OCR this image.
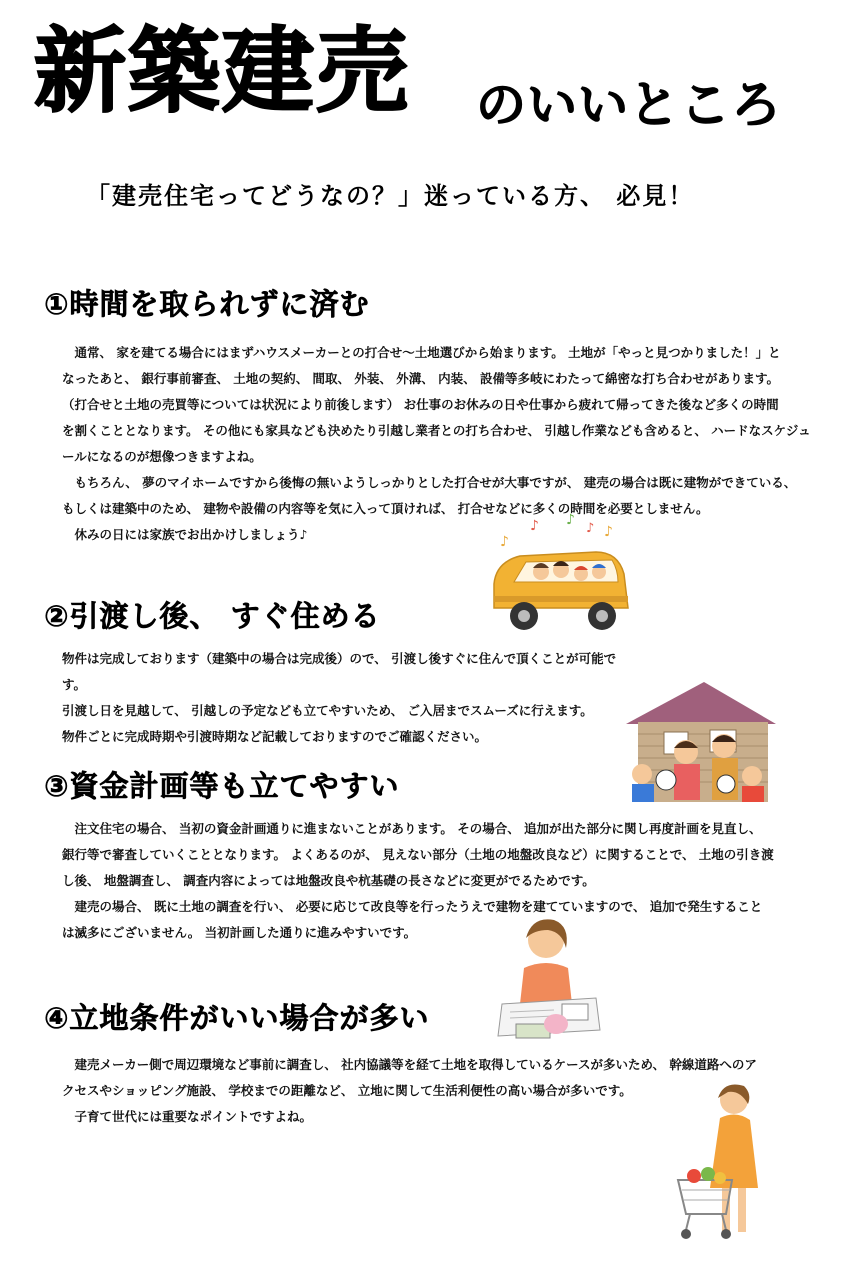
新築建売 のいいところ
「建売住宅ってどうなの？」迷っている方、 必見！
①時間を取られずに済む

　通常、 家を建てる場合にはまずハウスメーカーとの打合せ～土地選びから始まります。 土地が「やっと見つかりました！」と

なったあと、 銀行事前審査、 土地の契約、 間取、 外装、 外溝、 内装、 設備等多岐にわたって綿密な打ち合わせがあります。

（打合せと土地の売買等については状況により前後します） お仕事のお休みの日や仕事から疲れて帰ってきた後など多くの時間

を割くこととなります。 その他にも家具なども決めたり引越し業者との打ち合わせ、 引越し作業なども含めると、 ハードなスケジュ

ールになるのが想像つきますよね。

　もちろん、 夢のマイホームですから後悔の無いようしっかりとした打合せが大事ですが、 建売の場合は既に建物ができている、

もしくは建築中のため、 建物や設備の内容等を気に入って頂ければ、 打合せなどに多くの時間を必要としません。

　休みの日には家族でお出かけしましょう♪	♪
♪ ♪
♪ ♪
②引渡し後、 すぐ住める

物件は完成しております（建築中の場合は完成後）ので、 引渡し後すぐに住んで頂くことが可能です。

引渡し日を見越して、 引越しの予定なども立てやすいため、 ご入居までスムーズに行えます。

物件ごとに完成時期や引渡時期など記載しておりますのでご確認ください。

③資金計画等も立てやすい

　注文住宅の場合、 当初の資金計画通りに進まないことがあります。 その場合、 追加が出た部分に関し再度計画を見直し、

銀行等で審査していくこととなります。 よくあるのが、 見えない部分（土地の地盤改良など）に関することで、 土地の引き渡

し後、 地盤調査し、 調査内容によっては地盤改良や杭基礎の長さなどに変更がでるためです。

　建売の場合、 既に土地の調査を行い、 必要に応じて改良等を行ったうえで建物を建てていますので、 追加で発生すること

は滅多にございません。 当初計画した通りに進みやすいです。

④立地条件がいい場合が多い

　建売メーカー側で周辺環境など事前に調査し、 社内協議等を経て土地を取得しているケースが多いため、 幹線道路へのア

クセスやショッピング施設、 学校までの距離など、 立地に関して生活利便性の高い場合が多いです。

　子育て世代には重要なポイントですよね。
